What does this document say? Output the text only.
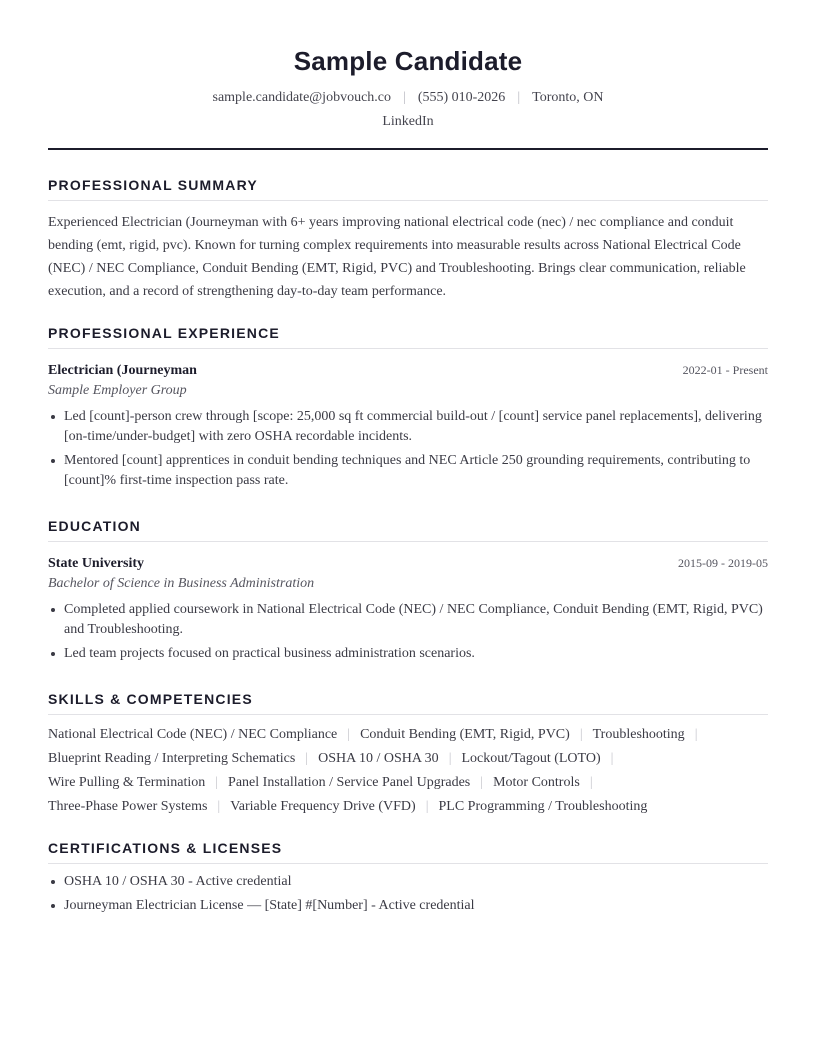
Sample Candidate
sample.candidate@jobvouch.co | (555) 010-2026 | Toronto, ON
LinkedIn
PROFESSIONAL SUMMARY
Experienced Electrician (Journeyman with 6+ years improving national electrical code (nec) / nec compliance and conduit bending (emt, rigid, pvc). Known for turning complex requirements into measurable results across National Electrical Code (NEC) / NEC Compliance, Conduit Bending (EMT, Rigid, PVC) and Troubleshooting. Brings clear communication, reliable execution, and a record of strengthening day-to-day team performance.
PROFESSIONAL EXPERIENCE
Electrician (Journeyman	2022-01 - Present
Sample Employer Group
Led [count]-person crew through [scope: 25,000 sq ft commercial build-out / [count] service panel replacements], delivering [on-time/under-budget] with zero OSHA recordable incidents.
Mentored [count] apprentices in conduit bending techniques and NEC Article 250 grounding requirements, contributing to [count]% first-time inspection pass rate.
EDUCATION
State University	2015-09 - 2019-05
Bachelor of Science in Business Administration
Completed applied coursework in National Electrical Code (NEC) / NEC Compliance, Conduit Bending (EMT, Rigid, PVC) and Troubleshooting.
Led team projects focused on practical business administration scenarios.
SKILLS & COMPETENCIES
National Electrical Code (NEC) / NEC Compliance | Conduit Bending (EMT, Rigid, PVC) | Troubleshooting |
Blueprint Reading / Interpreting Schematics | OSHA 10 / OSHA 30 | Lockout/Tagout (LOTO) |
Wire Pulling & Termination | Panel Installation / Service Panel Upgrades | Motor Controls |
Three-Phase Power Systems | Variable Frequency Drive (VFD) | PLC Programming / Troubleshooting
CERTIFICATIONS & LICENSES
OSHA 10 / OSHA 30 - Active credential
Journeyman Electrician License — [State] #[Number] - Active credential
